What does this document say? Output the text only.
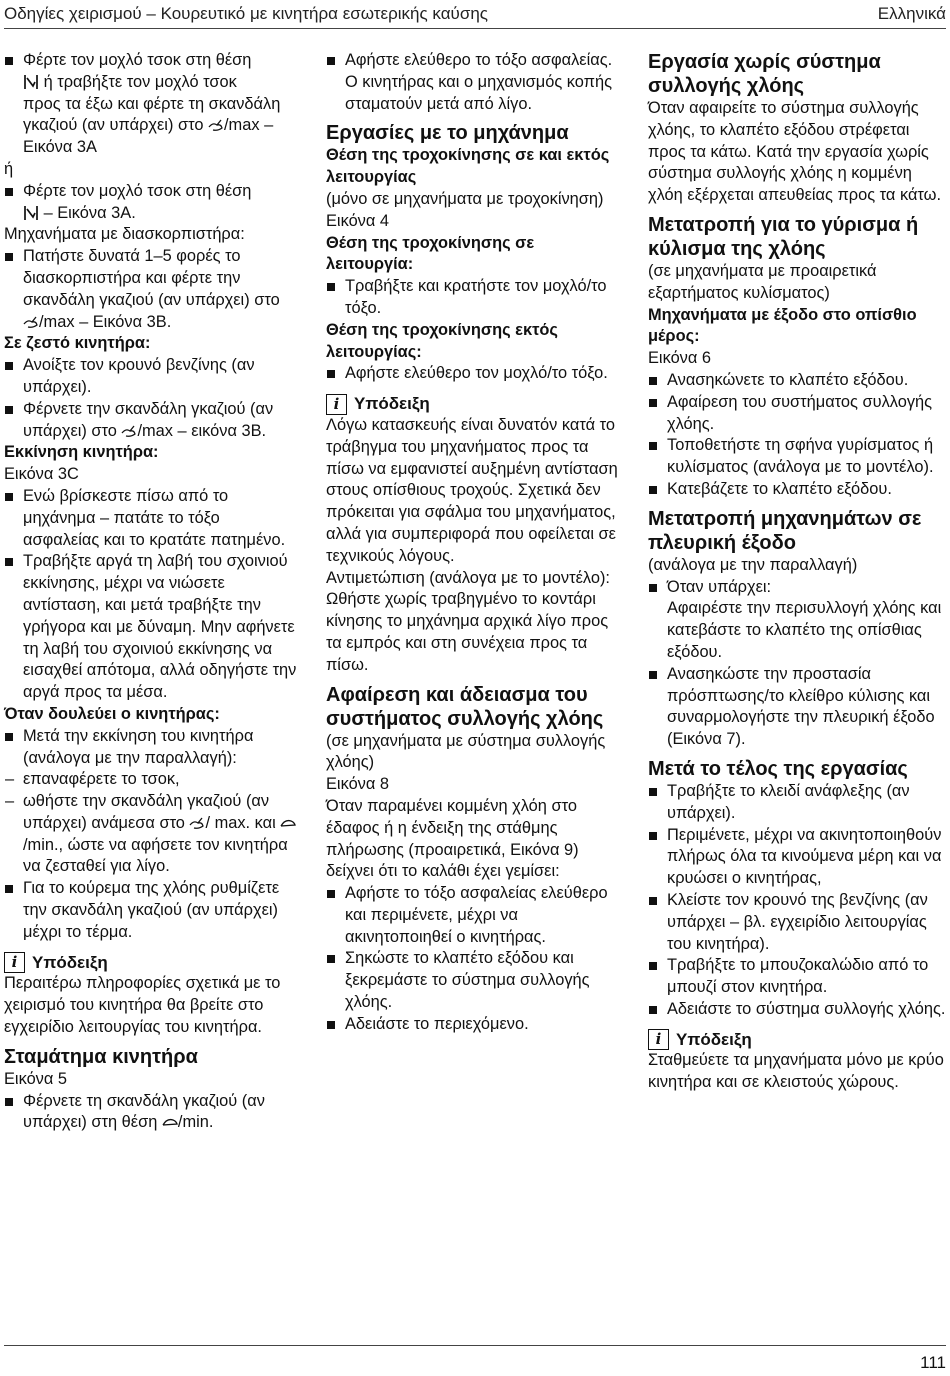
Οδηγίες χειρισμού – Κουρευτικό με κινητήρα εσωτερικής καύσης	Ελληνικά

Φέρτε τον μοχλό τσοκ στη θέση
ή τραβήξτε τον μοχλό τσοκ
προς τα έξω και φέρτε τη σκανδάλη γκαζιού (αν υπάρχει) στο /max – Εικόνα 3A

ή

Φέρτε τον μοχλό τσοκ στη θέση
– Εικόνα 3A.

Μηχανήματα με διασκορπιστήρα:

Πατήστε δυνατά 1–5 φορές το διασκορπιστήρα και φέρτε την σκανδάλη γκαζιού (αν υπάρχει) στο /max – Εικόνα 3B.

Σε ζεστό κινητήρα:

Ανοίξτε τον κρουνό βενζίνης (αν υπάρχει).

Φέρνετε την σκανδάλη γκαζιού (αν υπάρχει) στο /max – εικόνα 3B.

Εκκίνηση κινητήρα:

Εικόνα 3C

Ενώ βρίσκεστε πίσω από το μηχάνημα – πατάτε το τόξο ασφαλείας και το κρατάτε πατημένο.

Τραβήξτε αργά τη λαβή του σχοινιού εκκίνησης, μέχρι να νιώσετε αντίσταση, και μετά τραβήξτε την γρήγορα και με δύναμη. Μην αφήνετε τη λαβή του σχοινιού εκκίνησης να εισαχθεί απότομα, αλλά οδηγήστε την αργά προς τα μέσα.

Όταν δουλεύει ο κινητήρας:

Μετά την εκκίνηση του κινητήρα (ανάλογα με την παραλλαγή):

– επαναφέρετε το τσοκ,

– ωθήστε την σκανδάλη γκαζιού (αν υπάρχει) ανάμεσα στο / max. και /min., ώστε να αφήσετε τον κινητήρα να ζεσταθεί για λίγο.

Για το κούρεμα της χλόης ρυθμίζετε την σκανδάλη γκαζιού (αν υπάρχει) μέχρι το τέρμα.

i Υπόδειξη

Περαιτέρω πληροφορίες σχετικά με το χειρισμό του κινητήρα θα βρείτε στο εγχειρίδιο λειτουργίας του κινητήρα.

Σταμάτημα κινητήρα

Εικόνα 5

Φέρνετε τη σκανδάλη γκαζιού (αν υπάρχει) στη θέση /min.

Αφήστε ελεύθερο το τόξο ασφαλείας. Ο κινητήρας και ο μηχανισμός κοπής σταματούν μετά από λίγο.

Εργασίες με το μηχάνημα

Θέση της τροχοκίνησης σε και εκτός λειτουργίας

(μόνο σε μηχανήματα με τροχοκίνηση)

Εικόνα 4

Θέση της τροχοκίνησης σε λειτουργία:

Τραβήξτε και κρατήστε τον μοχλό/το τόξο.

Θέση της τροχοκίνησης εκτός λειτουργίας:

Αφήστε ελεύθερο τον μοχλό/το τόξο.

i Υπόδειξη

Λόγω κατασκευής είναι δυνατόν κατά το τράβηγμα του μηχανήματος προς τα πίσω να εμφανιστεί αυξημένη αντίσταση στους οπίσθιους τροχούς. Σχετικά δεν πρόκειται για σφάλμα του μηχανήματος, αλλά για συμπεριφορά που οφείλεται σε τεχνικούς λόγους.

Αντιμετώπιση (ανάλογα με το μοντέλο): Ωθήστε χωρίς τραβηγμένο το κοντάρι κίνησης το μηχάνημα αρχικά λίγο προς τα εμπρός και στη συνέχεια προς τα πίσω.

Αφαίρεση και άδειασμα του συστήματος συλλογής χλόης

(σε μηχανήματα με σύστημα συλλογής χλόης)

Εικόνα 8

Όταν παραμένει κομμένη χλόη στο έδαφος ή η ένδειξη της στάθμης πλήρωσης (προαιρετικά, Εικόνα 9) δείχνει ότι το καλάθι έχει γεμίσει:

Αφήστε το τόξο ασφαλείας ελεύθερο και περιμένετε, μέχρι να ακινητοποιηθεί ο κινητήρας.

Σηκώστε το κλαπέτο εξόδου και ξεκρεμάστε το σύστημα συλλογής χλόης.

Αδειάστε το περιεχόμενο.

Εργασία χωρίς σύστημα συλλογής χλόης

Όταν αφαιρείτε το σύστημα συλλογής χλόης, το κλαπέτο εξόδου στρέφεται προς τα κάτω. Κατά την εργασία χωρίς σύστημα συλλογής χλόης η κομμένη χλόη εξέρχεται απευθείας προς τα κάτω.

Μετατροπή για το γύρισμα ή κύλισμα της χλόης

(σε μηχανήματα με προαιρετικά εξαρτήματος κυλίσματος)

Μηχανήματα με έξοδο στο οπίσθιο μέρος:

Εικόνα 6

Ανασηκώνετε το κλαπέτο εξόδου.

Αφαίρεση του συστήματος συλλογής χλόης.

Τοποθετήστε τη σφήνα γυρίσματος ή κυλίσματος (ανάλογα με το μοντέλο).

Κατεβάζετε το κλαπέτο εξόδου.

Μετατροπή μηχανημάτων σε πλευρική έξοδο

(ανάλογα με την παραλλαγή)

Όταν υπάρχει:

Αφαιρέστε την περισυλλογή χλόης και κατεβάστε το κλαπέτο της οπίσθιας εξόδου.

Ανασηκώστε την προστασία πρόσπτωσης/το κλείθρο κύλισης και συναρμολογήστε την πλευρική έξοδο (Εικόνα 7).

Μετά το τέλος της εργασίας

Τραβήξτε το κλειδί ανάφλεξης (αν υπάρχει).

Περιμένετε, μέχρι να ακινητοποιηθούν πλήρως όλα τα κινούμενα μέρη και να κρυώσει ο κινητήρας,

Κλείστε τον κρουνό της βενζίνης (αν υπάρχει – βλ. εγχειρίδιο λειτουργίας του κινητήρα).

Τραβήξτε το μπουζοκαλώδιο από το μπουζί στον κινητήρα.

Αδειάστε το σύστημα συλλογής χλόης.

i Υπόδειξη

Σταθμεύετε τα μηχανήματα μόνο με κρύο κινητήρα και σε κλειστούς χώρους.

111
